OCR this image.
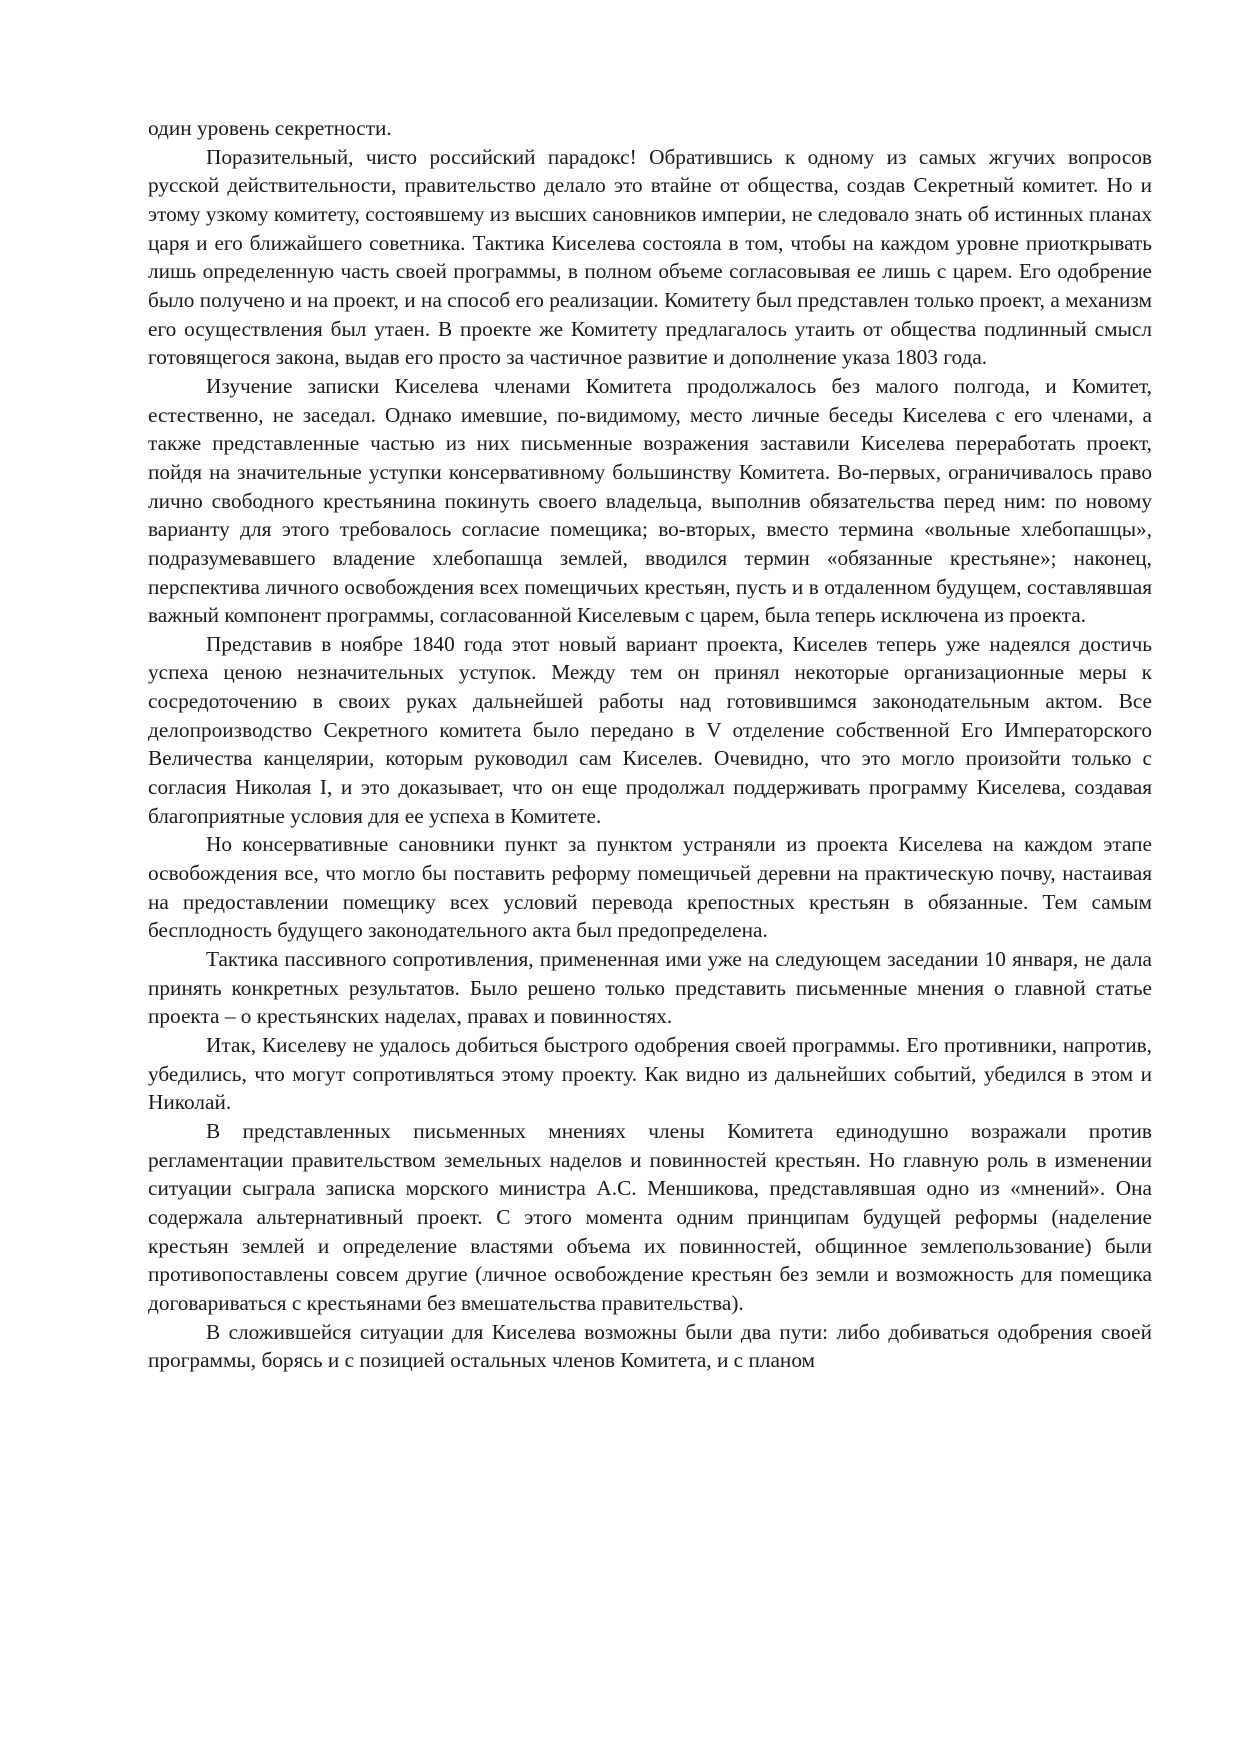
один уровень секретности.

Поразительный, чисто российский парадокс! Обратившись к одному из самых жгучих вопросов русской действительности, правительство делало это втайне от общества, создав Секретный комитет. Но и этому узкому комитету, состоявшему из высших сановников империи, не следовало знать об истинных планах царя и его ближайшего советника. Тактика Киселева состояла в том, чтобы на каждом уровне приоткрывать лишь определенную часть своей программы, в полном объеме согласовывая ее лишь с царем. Его одобрение было получено и на проект, и на способ его реализации. Комитету был представлен только проект, а механизм его осуществления был утаен. В проекте же Комитету предлагалось утаить от общества подлинный смысл готовящегося закона, выдав его просто за частичное развитие и дополнение указа 1803 года.

Изучение записки Киселева членами Комитета продолжалось без малого полгода, и Комитет, естественно, не заседал. Однако имевшие, по-видимому, место личные беседы Киселева с его членами, а также представленные частью из них письменные возражения заставили Киселева переработать проект, пойдя на значительные уступки консервативному большинству Комитета. Во-первых, ограничивалось право лично свободного крестьянина покинуть своего владельца, выполнив обязательства перед ним: по новому варианту для этого требовалось согласие помещика; во-вторых, вместо термина «вольные хлебопашцы», подразумевавшего владение хлебопашца землей, вводился термин «обязанные крестьяне»; наконец, перспектива личного освобождения всех помещичьих крестьян, пусть и в отдаленном будущем, составлявшая важный компонент программы, согласованной Киселевым с царем, была теперь исключена из проекта.

Представив в ноябре 1840 года этот новый вариант проекта, Киселев теперь уже надеялся достичь успеха ценою незначительных уступок. Между тем он принял некоторые организационные меры к сосредоточению в своих руках дальнейшей работы над готовившимся законодательным актом. Все делопроизводство Секретного комитета было передано в V отделение собственной Его Императорского Величества канцелярии, которым руководил сам Киселев. Очевидно, что это могло произойти только с согласия Николая I, и это доказывает, что он еще продолжал поддерживать программу Киселева, создавая благоприятные условия для ее успеха в Комитете.

Но консервативные сановники пункт за пунктом устраняли из проекта Киселева на каждом этапе освобождения все, что могло бы поставить реформу помещичьей деревни на практическую почву, настаивая на предоставлении помещику всех условий перевода крепостных крестьян в обязанные. Тем самым бесплодность будущего законодательного акта был предопределена.

Тактика пассивного сопротивления, примененная ими уже на следующем заседании 10 января, не дала принять конкретных результатов. Было решено только представить письменные мнения о главной статье проекта – о крестьянских наделах, правах и повинностях.

Итак, Киселеву не удалось добиться быстрого одобрения своей программы. Его противники, напротив, убедились, что могут сопротивляться этому проекту. Как видно из дальнейших событий, убедился в этом и Николай.

В представленных письменных мнениях члены Комитета единодушно возражали против регламентации правительством земельных наделов и повинностей крестьян. Но главную роль в изменении ситуации сыграла записка морского министра А.С. Меншикова, представлявшая одно из «мнений». Она содержала альтернативный проект. С этого момента одним принципам будущей реформы (наделение крестьян землей и определение властями объема их повинностей, общинное землепользование) были противопоставлены совсем другие (личное освобождение крестьян без земли и возможность для помещика договариваться с крестьянами без вмешательства правительства).

В сложившейся ситуации для Киселева возможны были два пути: либо добиваться одобрения своей программы, борясь и с позицией остальных членов Комитета, и с планом
